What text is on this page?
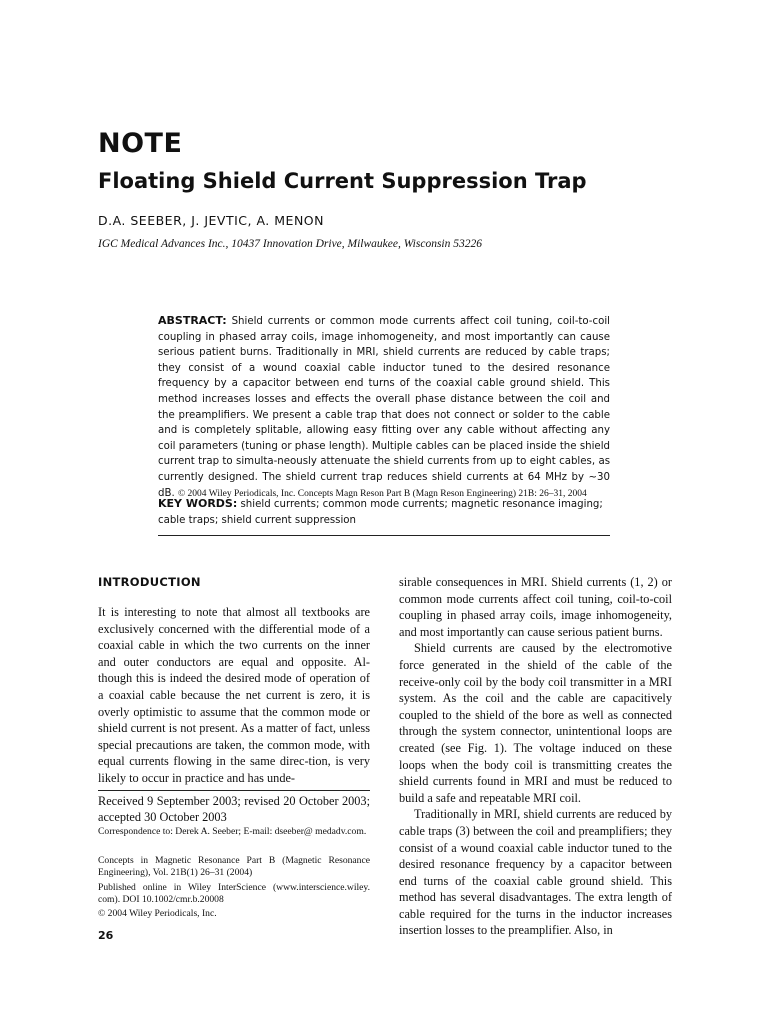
NOTE
Floating Shield Current Suppression Trap
D.A. SEEBER, J. JEVTIC, A. MENON
IGC Medical Advances Inc., 10437 Innovation Drive, Milwaukee, Wisconsin 53226
ABSTRACT: Shield currents or common mode currents affect coil tuning, coil-to-coil coupling in phased array coils, image inhomogeneity, and most importantly can cause serious patient burns. Traditionally in MRI, shield currents are reduced by cable traps; they consist of a wound coaxial cable inductor tuned to the desired resonance frequency by a capacitor between end turns of the coaxial cable ground shield. This method increases losses and effects the overall phase distance between the coil and the preamplifiers. We present a cable trap that does not connect or solder to the cable and is completely splitable, allowing easy fitting over any cable without affecting any coil parameters (tuning or phase length). Multiple cables can be placed inside the shield current trap to simulta-neously attenuate the shield currents from up to eight cables, as currently designed. The shield current trap reduces shield currents at 64 MHz by ~30 dB. © 2004 Wiley Periodicals, Inc. Concepts Magn Reson Part B (Magn Reson Engineering) 21B: 26–31, 2004
KEY WORDS: shield currents; common mode currents; magnetic resonance imaging; cable traps; shield current suppression
INTRODUCTION

It is interesting to note that almost all textbooks are exclusively concerned with the differential mode of a coaxial cable in which the two currents on the inner and outer conductors are equal and opposite. Al-though this is indeed the desired mode of operation of a coaxial cable because the net current is zero, it is overly optimistic to assume that the common mode or shield current is not present. As a matter of fact, unless special precautions are taken, the common mode, with equal currents flowing in the same direc-tion, is very likely to occur in practice and has unde-

Received 9 September 2003; revised 20 October 2003; accepted 30 October 2003
Correspondence to: Derek A. Seeber; E-mail: dseeber@ medadv.com.
Concepts in Magnetic Resonance Part B (Magnetic Resonance Engineering), Vol. 21B(1) 26–31 (2004)
Published online in Wiley InterScience (www.interscience.wiley. com). DOI 10.1002/cmr.b.20008
© 2004 Wiley Periodicals, Inc.

sirable consequences in MRI. Shield currents (1, 2) or common mode currents affect coil tuning, coil-to-coil coupling in phased array coils, image inhomogeneity, and most importantly can cause serious patient burns.

Shield currents are caused by the electromotive force generated in the shield of the cable of the receive-only coil by the body coil transmitter in a MRI system. As the coil and the cable are capacitively coupled to the shield of the bore as well as connected through the system connector, unintentional loops are created (see Fig. 1). The voltage induced on these loops when the body coil is transmitting creates the shield currents found in MRI and must be reduced to build a safe and repeatable MRI coil.

Traditionally in MRI, shield currents are reduced by cable traps (3) between the coil and preamplifiers; they consist of a wound coaxial cable inductor tuned to the desired resonance frequency by a capacitor between end turns of the coaxial cable ground shield. This method has several disadvantages. The extra length of cable required for the turns in the inductor increases insertion losses to the preamplifier. Also, in

26
